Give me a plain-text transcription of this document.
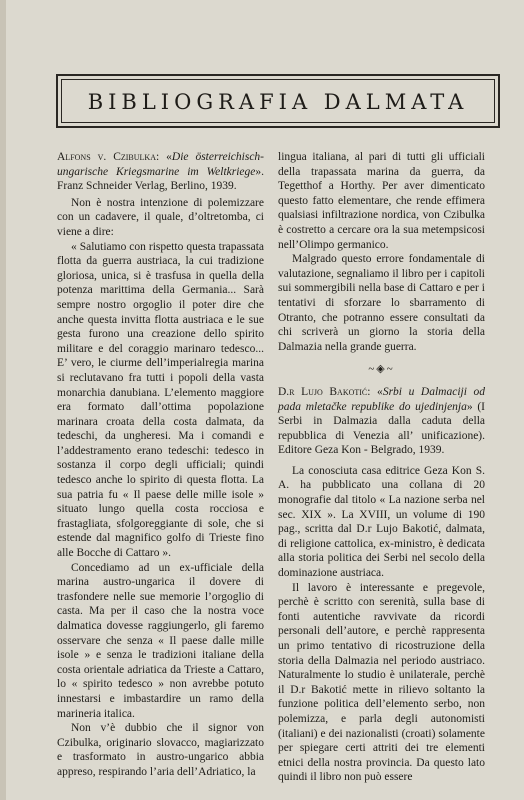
BIBLIOGRAFIA DALMATA

Alfons v. Czibulka: «Die österreichisch-ungarische Kriegsmarine im Weltkriege». Franz Schneider Verlag, Berlino, 1939.

Non è nostra intenzione di polemizzare con un cadavere, il quale, d’oltretomba, ci viene a dire:

« Salutiamo con rispetto questa trapassata flotta da guerra austriaca, la cui tradizione gloriosa, unica, si è trasfusa in quella della potenza marittima della Germania... Sarà sempre nostro orgoglio il poter dire che anche questa invitta flotta austriaca e le sue gesta furono una creazione dello spirito militare e del coraggio marinaro tedesco... E’ vero, le ciurme dell’imperialregia marina si reclutavano fra tutti i popoli della vasta monarchia danubiana. L’elemento maggiore era formato dall’ottima popolazione marinara croata della costa dalmata, da tedeschi, da ungheresi. Ma i comandi e l’addestramento erano tedeschi: tedesco in sostanza il corpo degli ufficiali; quindi tedesco anche lo spirito di questa flotta. La sua patria fu « Il paese delle mille isole » situato lungo quella costa rocciosa e frastagliata, sfolgoreggiante di sole, che si estende dal magnifico golfo di Trieste fino alle Bocche di Cattaro ».

Concediamo ad un ex-ufficiale della marina austro-ungarica il dovere di trasfondere nelle sue memorie l’orgoglio di casta. Ma per il caso che la nostra voce dalmatica dovesse raggiungerlo, gli faremo osservare che senza « Il paese dalle mille isole » e senza le tradizioni italiane della costa orientale adriatica da Trieste a Cattaro, lo « spirito tedesco » non avrebbe potuto innestarsi e imbastardire un ramo della marineria italica.

Non v’è dubbio che il signor von Czibulka, originario slovacco, magiarizzato e trasformato in austro-ungarico abbia appreso, respirando l’aria dell’Adriatico, la

lingua italiana, al pari di tutti gli ufficiali della trapassata marina da guerra, da Tegetthof a Horthy. Per aver dimenticato questo fatto elementare, che rende effimera qualsiasi infiltrazione nordica, von Czibulka è costretto a cercare ora la sua metempsicosi nell’Olimpo germanico.

Malgrado questo errore fondamentale di valutazione, segnaliamo il libro per i capitoli sui sommergibili nella base di Cattaro e per i tentativi di sforzare lo sbarramento di Otranto, che potranno essere consultati da chi scriverà un giorno la storia della Dalmazia nella grande guerra.

~◈~

D.r Lujo Bakotić: «Srbi u Dalmaciji od pada mletačke republike do ujedinjenja» (I Serbi in Dalmazia dalla caduta della repubblica di Venezia all’ unificazione). Editore Geza Kon - Belgrado, 1939.

La conosciuta casa editrice Geza Kon S. A. ha pubblicato una collana di 20 monografie dal titolo « La nazione serba nel sec. XIX ». La XVIII, un volume di 190 pag., scritta dal D.r Lujo Bakotić, dalmata, di religione cattolica, ex-ministro, è dedicata alla storia politica dei Serbi nel secolo della dominazione austriaca.

Il lavoro è interessante e pregevole, perchè è scritto con serenità, sulla base di fonti autentiche ravvivate da ricordi personali dell’autore, e perchè rappresenta un primo tentativo di ricostruzione della storia della Dalmazia nel periodo austriaco. Naturalmente lo studio è unilaterale, perchè il D.r Bakotić mette in rilievo soltanto la funzione politica dell’elemento serbo, non polemizza, e parla degli autonomisti (italiani) e dei nazionalisti (croati) solamente per spiegare certi attriti dei tre elementi etnici della nostra provincia. Da questo lato quindi il libro non può essere
